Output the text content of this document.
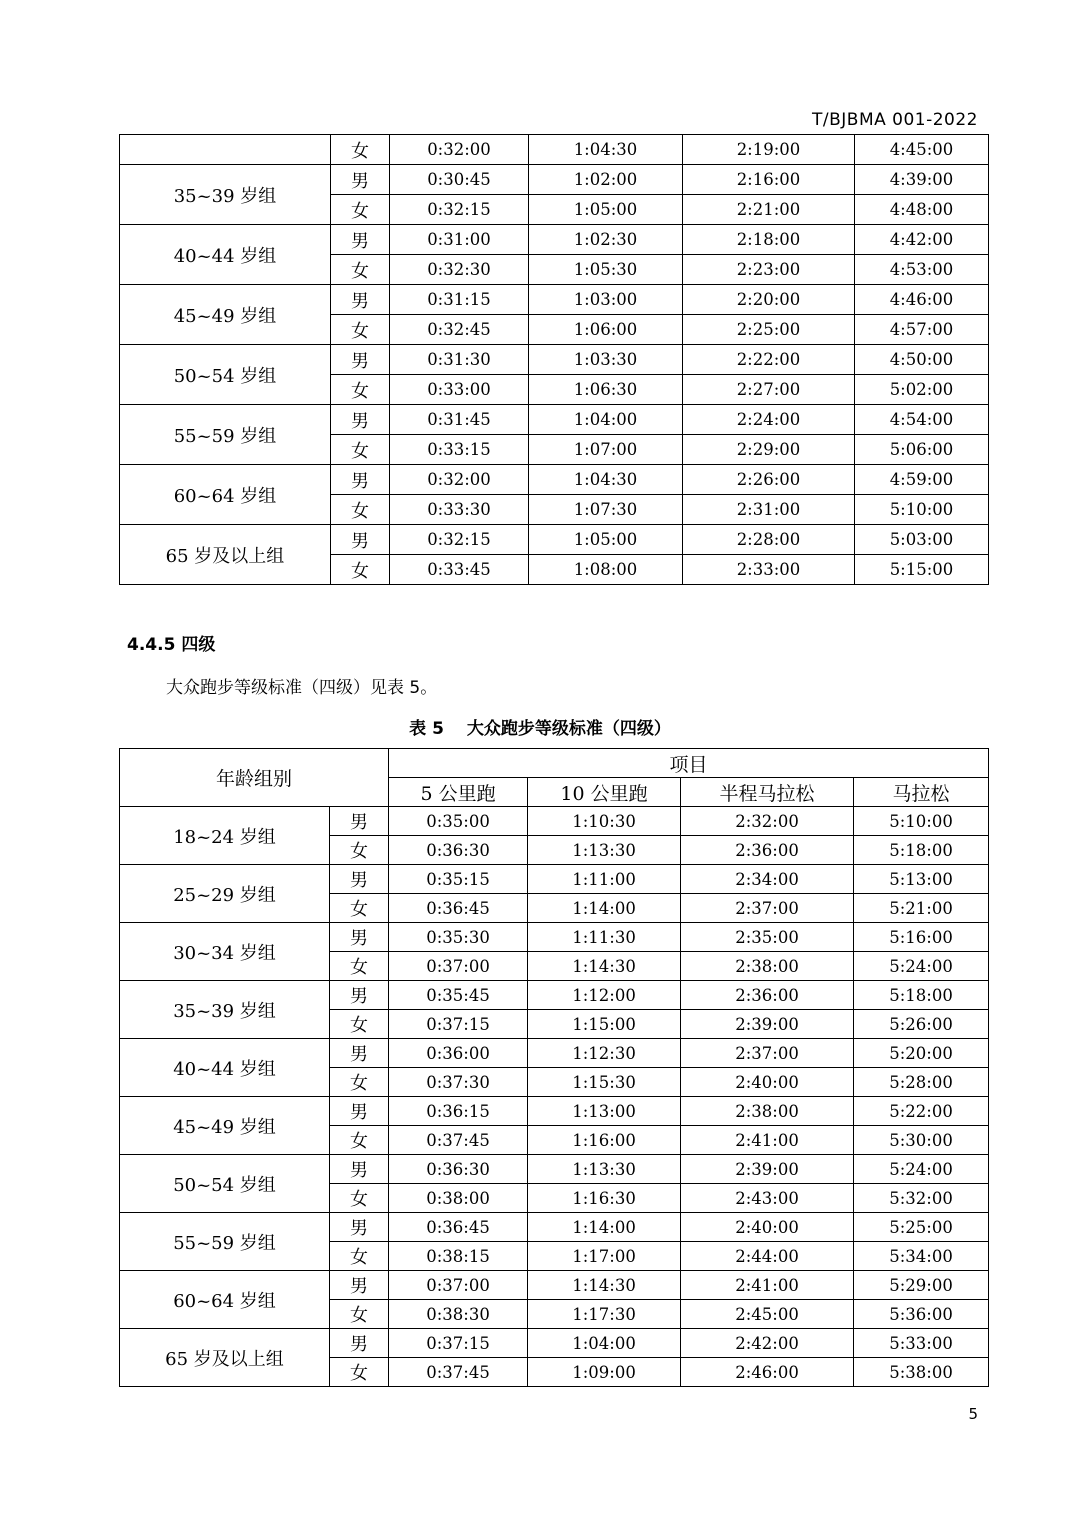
T/BJBMA 001-2022
	女	0:32:00	1:04:30	2:19:00	4:45:00
35~39 岁组	男	0:30:45	1:02:00	2:16:00	4:39:00
	女	0:32:15	1:05:00	2:21:00	4:48:00
40~44 岁组	男	0:31:00	1:02:30	2:18:00	4:42:00
	女	0:32:30	1:05:30	2:23:00	4:53:00
45~49 岁组	男	0:31:15	1:03:00	2:20:00	4:46:00
	女	0:32:45	1:06:00	2:25:00	4:57:00
50~54 岁组	男	0:31:30	1:03:30	2:22:00	4:50:00
	女	0:33:00	1:06:30	2:27:00	5:02:00
55~59 岁组	男	0:31:45	1:04:00	2:24:00	4:54:00
	女	0:33:15	1:07:00	2:29:00	5:06:00
60~64 岁组	男	0:32:00	1:04:30	2:26:00	4:59:00
	女	0:33:30	1:07:30	2:31:00	5:10:00
65 岁及以上组	男	0:32:15	1:05:00	2:28:00	5:03:00
	女	0:33:45	1:08:00	2:33:00	5:15:00
4.4.5 四级
大众跑步等级标准（四级）见表 5。
表 5　 大众跑步等级标准（四级）
年龄组别		项目			
		5 公里跑	10 公里跑	半程马拉松	马拉松
18~24 岁组	男	0:35:00	1:10:30	2:32:00	5:10:00
	女	0:36:30	1:13:30	2:36:00	5:18:00
25~29 岁组	男	0:35:15	1:11:00	2:34:00	5:13:00
	女	0:36:45	1:14:00	2:37:00	5:21:00
30~34 岁组	男	0:35:30	1:11:30	2:35:00	5:16:00
	女	0:37:00	1:14:30	2:38:00	5:24:00
35~39 岁组	男	0:35:45	1:12:00	2:36:00	5:18:00
	女	0:37:15	1:15:00	2:39:00	5:26:00
40~44 岁组	男	0:36:00	1:12:30	2:37:00	5:20:00
	女	0:37:30	1:15:30	2:40:00	5:28:00
45~49 岁组	男	0:36:15	1:13:00	2:38:00	5:22:00
	女	0:37:45	1:16:00	2:41:00	5:30:00
50~54 岁组	男	0:36:30	1:13:30	2:39:00	5:24:00
	女	0:38:00	1:16:30	2:43:00	5:32:00
55~59 岁组	男	0:36:45	1:14:00	2:40:00	5:25:00
	女	0:38:15	1:17:00	2:44:00	5:34:00
60~64 岁组	男	0:37:00	1:14:30	2:41:00	5:29:00
	女	0:38:30	1:17:30	2:45:00	5:36:00
65 岁及以上组	男	0:37:15	1:04:00	2:42:00	5:33:00
	女	0:37:45	1:09:00	2:46:00	5:38:00
5
